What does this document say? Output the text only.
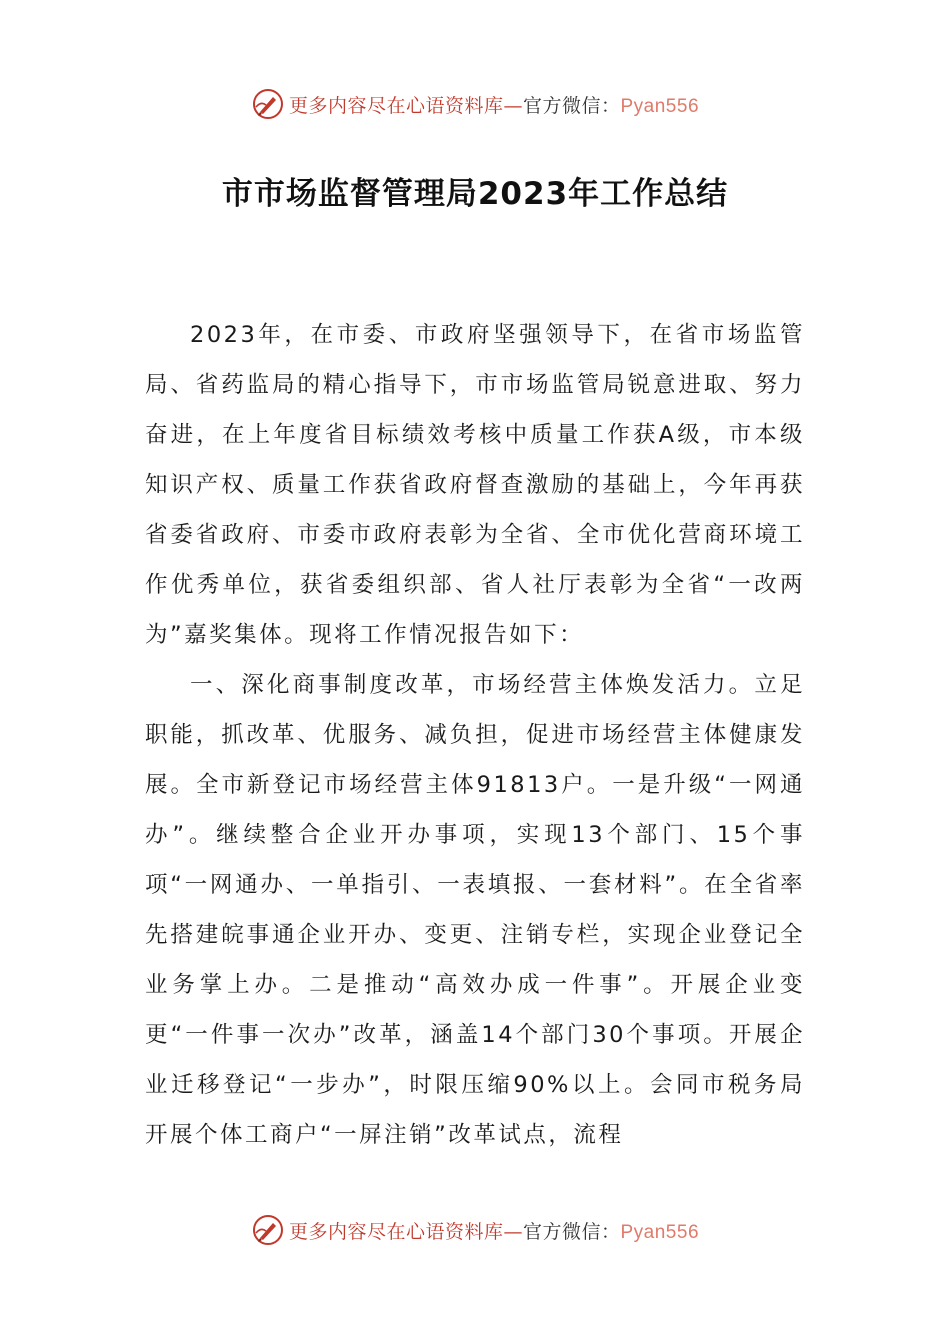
更多内容尽在心语资料库—官方微信：Pyan556
市市场监督管理局2023年工作总结

2023年，在市委、市政府坚强领导下，在省市场监管局、省药监局的精心指导下，市市场监管局锐意进取、努力奋进，在上年度省目标绩效考核中质量工作获A级，市本级知识产权、质量工作获省政府督查激励的基础上，今年再获省委省政府、市委市政府表彰为全省、全市优化营商环境工作优秀单位，获省委组织部、省人社厅表彰为全省“一改两为”嘉奖集体。现将工作情况报告如下：

一、深化商事制度改革，市场经营主体焕发活力。立足职能，抓改革、优服务、减负担，促进市场经营主体健康发展。全市新登记市场经营主体91813户。一是升级“一网通办”。继续整合企业开办事项，实现13个部门、15个事项“一网通办、一单指引、一表填报、一套材料”。在全省率先搭建皖事通企业开办、变更、注销专栏，实现企业登记全业务掌上办。二是推动“高效办成一件事”。开展企业变更“一件事一次办”改革，涵盖14个部门30个事项。开展企业迁移登记“一步办”，时限压缩90%以上。会同市税务局开展个体工商户“一屏注销”改革试点，流程

更多内容尽在心语资料库—官方微信：Pyan556
